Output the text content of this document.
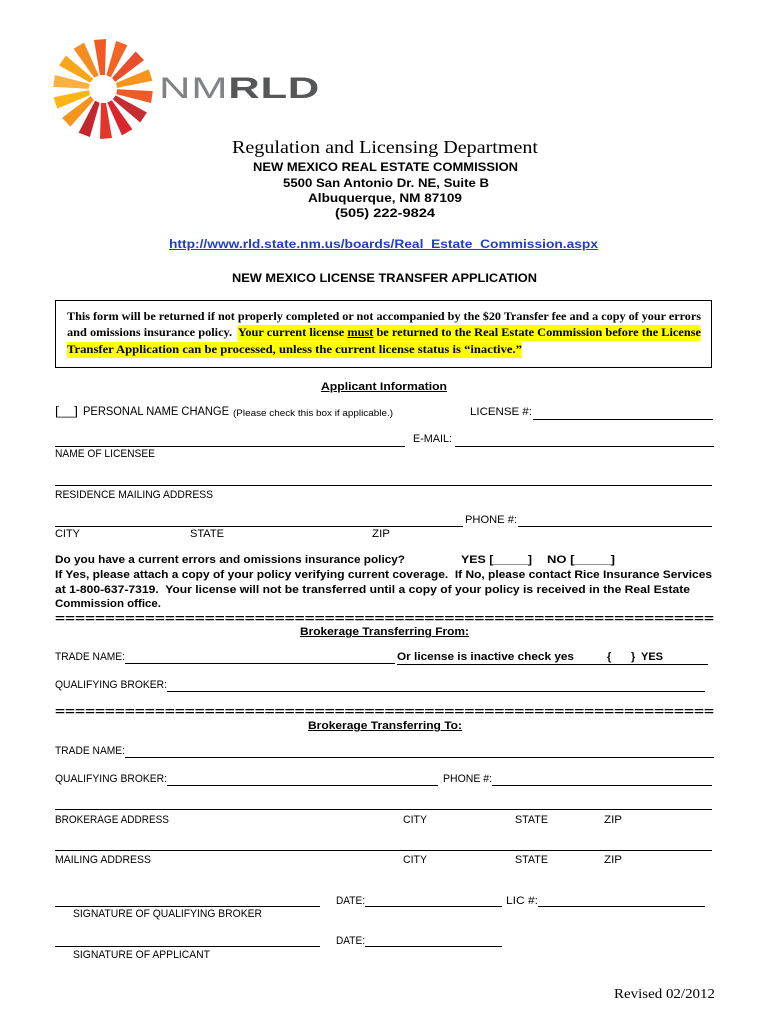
NMRLD
Regulation and Licensing Department
NEW MEXICO REAL ESTATE COMMISSION
5500 San Antonio Dr. NE, Suite B
Albuquerque, NM 87109
(505) 222-9824
http://www.rld.state.nm.us/boards/Real_Estate_Commission.aspx
NEW MEXICO LICENSE TRANSFER APPLICATION
This form will be returned if not properly completed or not accompanied by the $20 Transfer fee and a copy of your errors
and omissions insurance policy. Your current license must be returned to the Real Estate Commission before the License
Transfer Application can be processed, unless the current license status is “inactive.”
Applicant Information
[__] PERSONAL NAME CHANGE (Please check this box if applicable.)	LICENSE #:
E-MAIL:
NAME OF LICENSEE
RESIDENCE MAILING ADDRESS
PHONE #:
CITY	STATE	ZIP
Do you have a current errors and omissions insurance policy?	YES [_____] NO [_____]
If Yes, please attach a copy of your policy verifying current coverage.  If No, please contact Rice Insurance Services
at 1-800-637-7319.  Your license will not be transferred until a copy of your policy is received in the Real Estate
Commission office.
==================================================================
Brokerage Transferring From:
TRADE NAME:	Or license is inactive check yes	{ } YES
QUALIFYING BROKER:
==================================================================
Brokerage Transferring To:
TRADE NAME:
QUALIFYING BROKER:	PHONE #:
BROKERAGE ADDRESS	CITY	STATE	ZIP
MAILING ADDRESS	CITY	STATE	ZIP
DATE:	LIC #:
SIGNATURE OF QUALIFYING BROKER
DATE:
SIGNATURE OF APPLICANT
Revised 02/2012
